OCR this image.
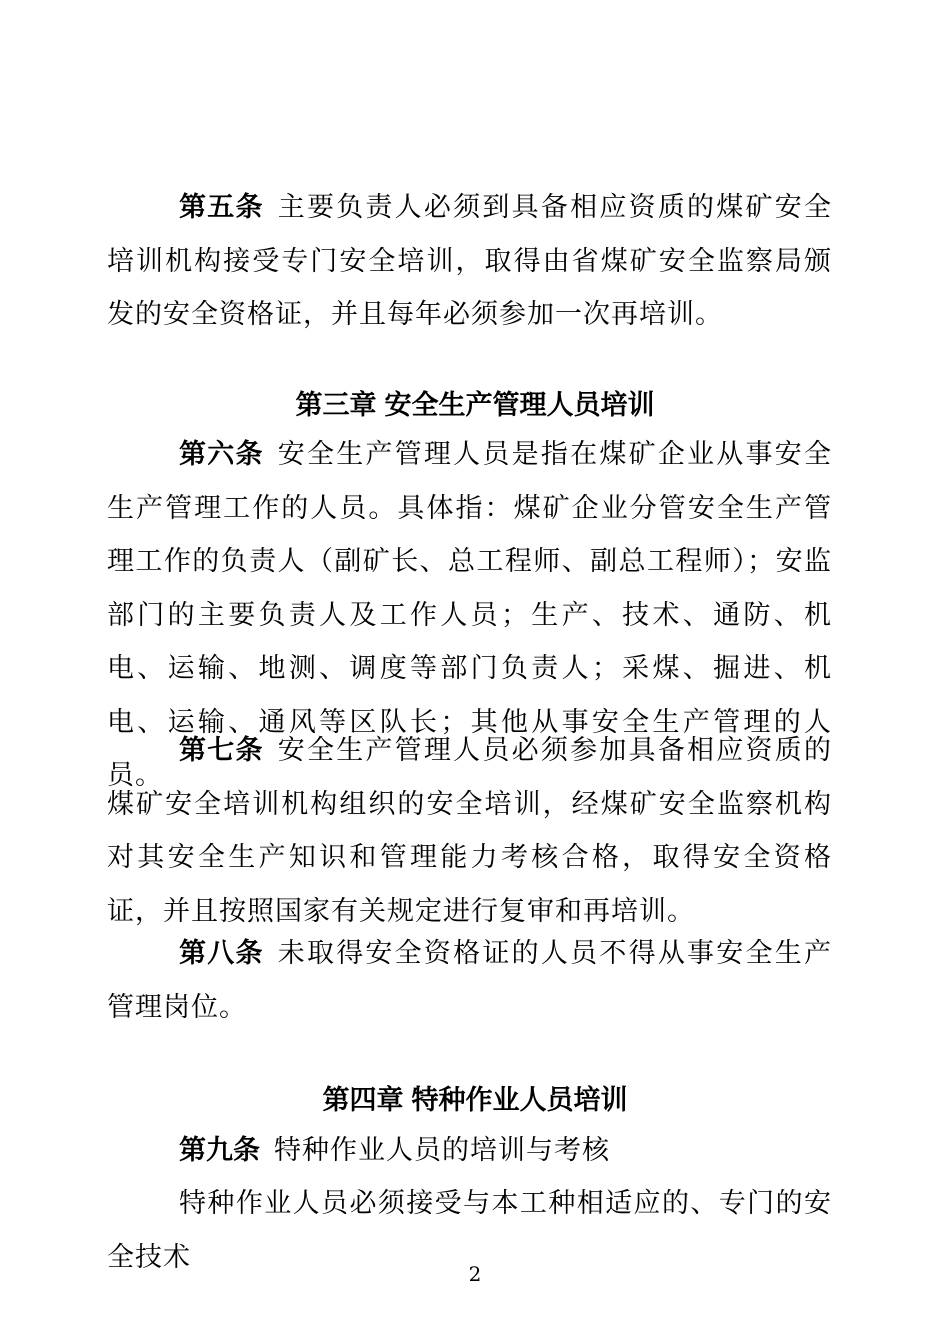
第五条 主要负责人必须到具备相应资质的煤矿安全培训机构接受专门安全培训，取得由省煤矿安全监察局颁发的安全资格证，并且每年必须参加一次再培训。

第三章 安全生产管理人员培训

第六条 安全生产管理人员是指在煤矿企业从事安全生产管理工作的人员。具体指：煤矿企业分管安全生产管理工作的负责人（副矿长、总工程师、副总工程师）；安监部门的主要负责人及工作人员；生产、技术、通防、机电、运输、地测、调度等部门负责人；采煤、掘进、机电、运输、通风等区队长；其他从事安全生产管理的人员。

第七条 安全生产管理人员必须参加具备相应资质的煤矿安全培训机构组织的安全培训，经煤矿安全监察机构对其安全生产知识和管理能力考核合格，取得安全资格证，并且按照国家有关规定进行复审和再培训。

第八条 未取得安全资格证的人员不得从事安全生产管理岗位。

第四章 特种作业人员培训

第九条 特种作业人员的培训与考核

特种作业人员必须接受与本工种相适应的、专门的安全技术

2
